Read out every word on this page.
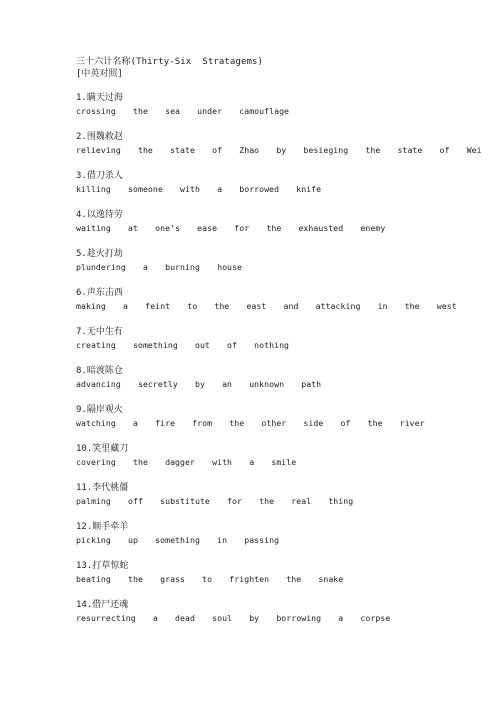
三十六计名称(Thirty-Six  Stratagems)
[中英对照]
1.瞒天过海
crossing  the  sea  under  camouflage
2.围魏救赵
relieving  the  state  of  Zhao  by  besieging  the  state  of  Wei
3.借刀杀人
killing  someone  with  a  borrowed  knife
4.以逸待劳
waiting  at  one’s  ease  for  the  exhausted  enemy
5.趁火打劫
plundering  a  burning  house
6.声东击西
making  a  feint  to  the  east  and  attacking  in  the  west
7.无中生有
creating  something  out  of  nothing
8.暗渡陈仓
advancing  secretly  by  an  unknown  path
9.隔岸观火
watching  a  fire  from  the  other  side  of  the  river
10.笑里藏刀
covering  the  dagger  with  a  smile
11.李代桃僵
palming  off  substitute  for  the  real  thing
12.顺手牵羊
picking  up  something  in  passing
13.打草惊蛇
beating  the  grass  to  frighten  the  snake
14.借尸还魂
resurrecting  a  dead  soul  by  borrowing  a  corpse
